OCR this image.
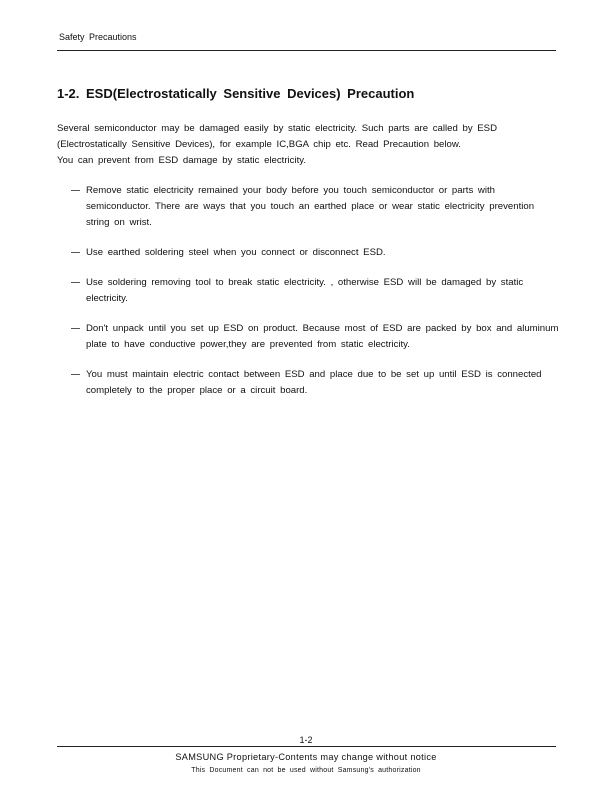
Safety Precautions
1-2. ESD(Electrostatically Sensitive Devices) Precaution
Several semiconductor may be damaged easily by static electricity. Such parts are called by ESD
(Electrostatically Sensitive Devices), for example IC,BGA chip etc. Read Precaution below.
You can prevent from ESD damage by static electricity.
Remove static electricity remained your body before you touch semiconductor or parts with semiconductor. There are ways that you touch an earthed place or wear static electricity prevention string on wrist.
Use earthed soldering steel when you connect or disconnect ESD.
Use soldering removing tool to break static electricity. , otherwise ESD will be damaged by static electricity.
Don't unpack until you set up ESD on product. Because most of ESD are packed by box and aluminum plate to have conductive power,they are prevented from static electricity.
You must maintain electric contact between ESD and place due to be set up until ESD is connected completely to the proper place or a circuit board.
1-2
SAMSUNG Proprietary-Contents may change without notice
This Document can not be used without Samsung's authorization
